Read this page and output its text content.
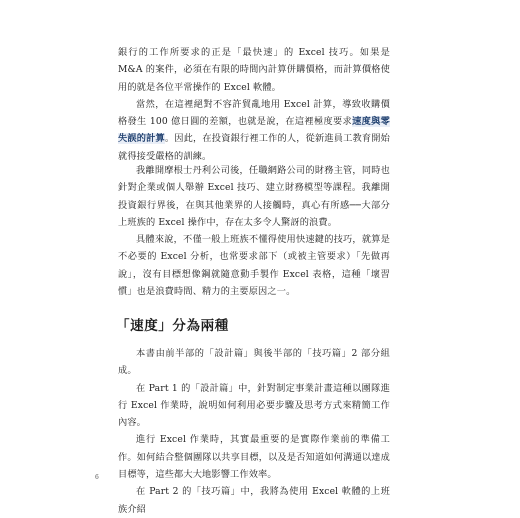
銀行的工作所要求的正是「最快速」的 Excel 技巧。如果是 M&A 的案件，必須在有限的時間內計算併購價格，而計算價格使用的就是各位平常操作的 Excel 軟體。

當然，在這裡絕對不容許貿亂地用 Excel 計算，導致收購價格發生 100 億日圓的差額，也就是說，在這裡極度要求速度與零失誤的計算。因此，在投資銀行裡工作的人，從新進員工教育開始就得接受嚴格的訓練。

我離開摩根士丹利公司後，任職網路公司的財務主管，同時也針對企業或個人舉辦 Excel 技巧、建立財務模型等課程。我離開投資銀行界後，在與其他業界的人接觸時，真心有所感──大部分上班族的 Excel 操作中，存在太多令人驚訝的浪費。

具體來說，不僅一般上班族不懂得使用快速鍵的技巧，就算是不必要的 Excel 分析，也常要求部下（或被主管要求）「先做再說」，沒有目標想像鋼就隨意動手製作 Excel 表格，這種「壞習慣」也是浪費時間、精力的主要原因之一。

「速度」分為兩種

本書由前半部的「設計篇」與後半部的「技巧篇」2 部分組成。

在 Part 1 的「設計篇」中，針對制定事業計畫這種以團隊進行 Excel 作業時，說明如何利用必要步驟及思考方式來精簡工作內容。

進行 Excel 作業時，其實最重要的是實際作業前的準備工作。如何結合整個團隊以共享目標，以及是否知道如何溝通以達成目標等，這些都大大地影響工作效率。

在 Part 2 的「技巧篇」中，我將為使用 Excel 軟體的上班族介紹

6
